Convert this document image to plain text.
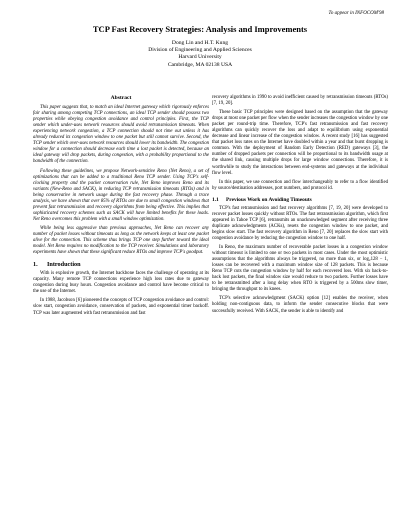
To appear in INFOCOM'98
TCP Fast Recovery Strategies: Analysis and Improvements
Dong Lin and H.T. Kung
Division of Engineering and Applied Sciences
Harvard University
Cambridge, MA 02138 USA
Abstract

This paper suggests that, to match an ideal Internet gateway which rigorously enforces fair sharing among competing TCP connections, an ideal TCP sender should possess two properties while obeying congestion avoidance and control principles. First, the TCP sender which under-uses network resources should avoid retransmission timeouts. When experiencing network congestion, a TCP connection should not time out unless it has already reduced its congestion window to one packet but still cannot survive. Second, the TCP sender which over-uses network resources should lower its bandwidth. The congestion window for a connection should decrease each time a lost packet is detected, because an ideal gateway will drop packets, during congestion, with a probability proportional to the bandwidth of the connection.

Following these guidelines, we propose Network-sensitive Reno (Net Reno), a set of optimizations that can be added to a traditional Reno TCP sender. Using TCP's self-clocking property and the packet conservation rule, Net Reno improves Reno and its variants (New-Reno and SACK), in reducing TCP retransmission timeouts (RTOs) and in being conservative in network usage during the fast recovery phase. Through a trace analysis, we have shown that over 85% of RTOs are due to small congestion windows that prevent fast retransmission and recovery algorithms from being effective. This implies that sophisticated recovery schemes such as SACK will have limited benefits for these loads. Net Reno overcomes this problem with a small window optimization.

While being less aggressive than previous approaches, Net Reno can recover any number of packet losses without timeouts as long as the network keeps at least one packet alive for the connection. This scheme thus brings TCP one step further toward the ideal model. Net Reno requires no modification to the TCP receiver. Simulations and laboratory experiments have shown that these significant reduce RTOs and improve TCP's goodput.

1. Introduction

With is explosive growth, the Internet backbone faces the challenge of operating at its capacity. Many remote TCP connections experience high loss rates due to gateway congestion during busy hours. Congestion avoidance and control have become critical to the use of the Internet.

In 1988, Jacobson [6] pioneered the concepts of TCP congestion avoidance and control: slow start, congestion avoidance, conservation of packets, and exponential timer backoff. TCP was later augmented with fast retransmission and fast

recovery algorithms in 1990 to avoid inefficient caused by retransmission timeouts (RTOs) [7, 19, 20].

These basic TCP principles were designed based on the assumption that the gateway drops at most one packet per flow when the sender increases the congestion window by one packet per round-trip time. Therefore, TCP's fast retransmission and fast recovery algorithms can quickly recover the loss and adapt to equilibrium using exponential decrease and linear increase of the congestion window. A recent study [16] has suggested that packet loss rates on the Internet have doubled within a year and that burst dropping is common. With the deployment of Random Early Detection (RED) gateways [3], the number of dropped packets per connection will be proportional to its bandwidth usage at the shared link, causing multiple drops for large window connections. Therefore, it is worthwhile to study the interactions between end-systems and gateways at the individual flow level.

In this paper, we use connection and flow interchangeably to refer to a flow identified by source/destination addresses, port numbers, and protocol id.

1.1 Previous Work on Avoiding Timeouts

TCP's fast retransmission and fast recovery algorithms [7, 19, 20] were developed to recover packet losses quickly without RTOs. The fast retransmission algorithm, which first appeared in Tahoe TCP [6], retransmits an unacknowledged segment after receiving three duplicate acknowledgments (ACKs), resets the congestion window to one packet, and begins slow start. The fast recovery algorithm in Reno [7, 20] replaces the slow start with congestion avoidance by reducing the congestion window to one half.

In Reno, the maximum number of recoverable packet losses in a congestion window without timeout is limited to one or two packets in most cases. Under the most optimistic assumptions that the algorithms always be triggered, no more than six, or log₂128 − 1, losses can be recovered with a maximum window size of 128 packets. This is because Reno TCP cuts the congestion window by half for each recovered loss. With six back-to-back lost packets, the final window size would reduce to two packets. Further losses have to be retransmitted after a long delay when RTO is triggered by a 500ms slow timer, bringing the throughput to its knees.

TCP's selective acknowledgment (SACK) option [12] enables the receiver, when holding non-contiguous data, to inform the sender consecutive blocks that were successfully received. With SACK, the sender is able to identify and
